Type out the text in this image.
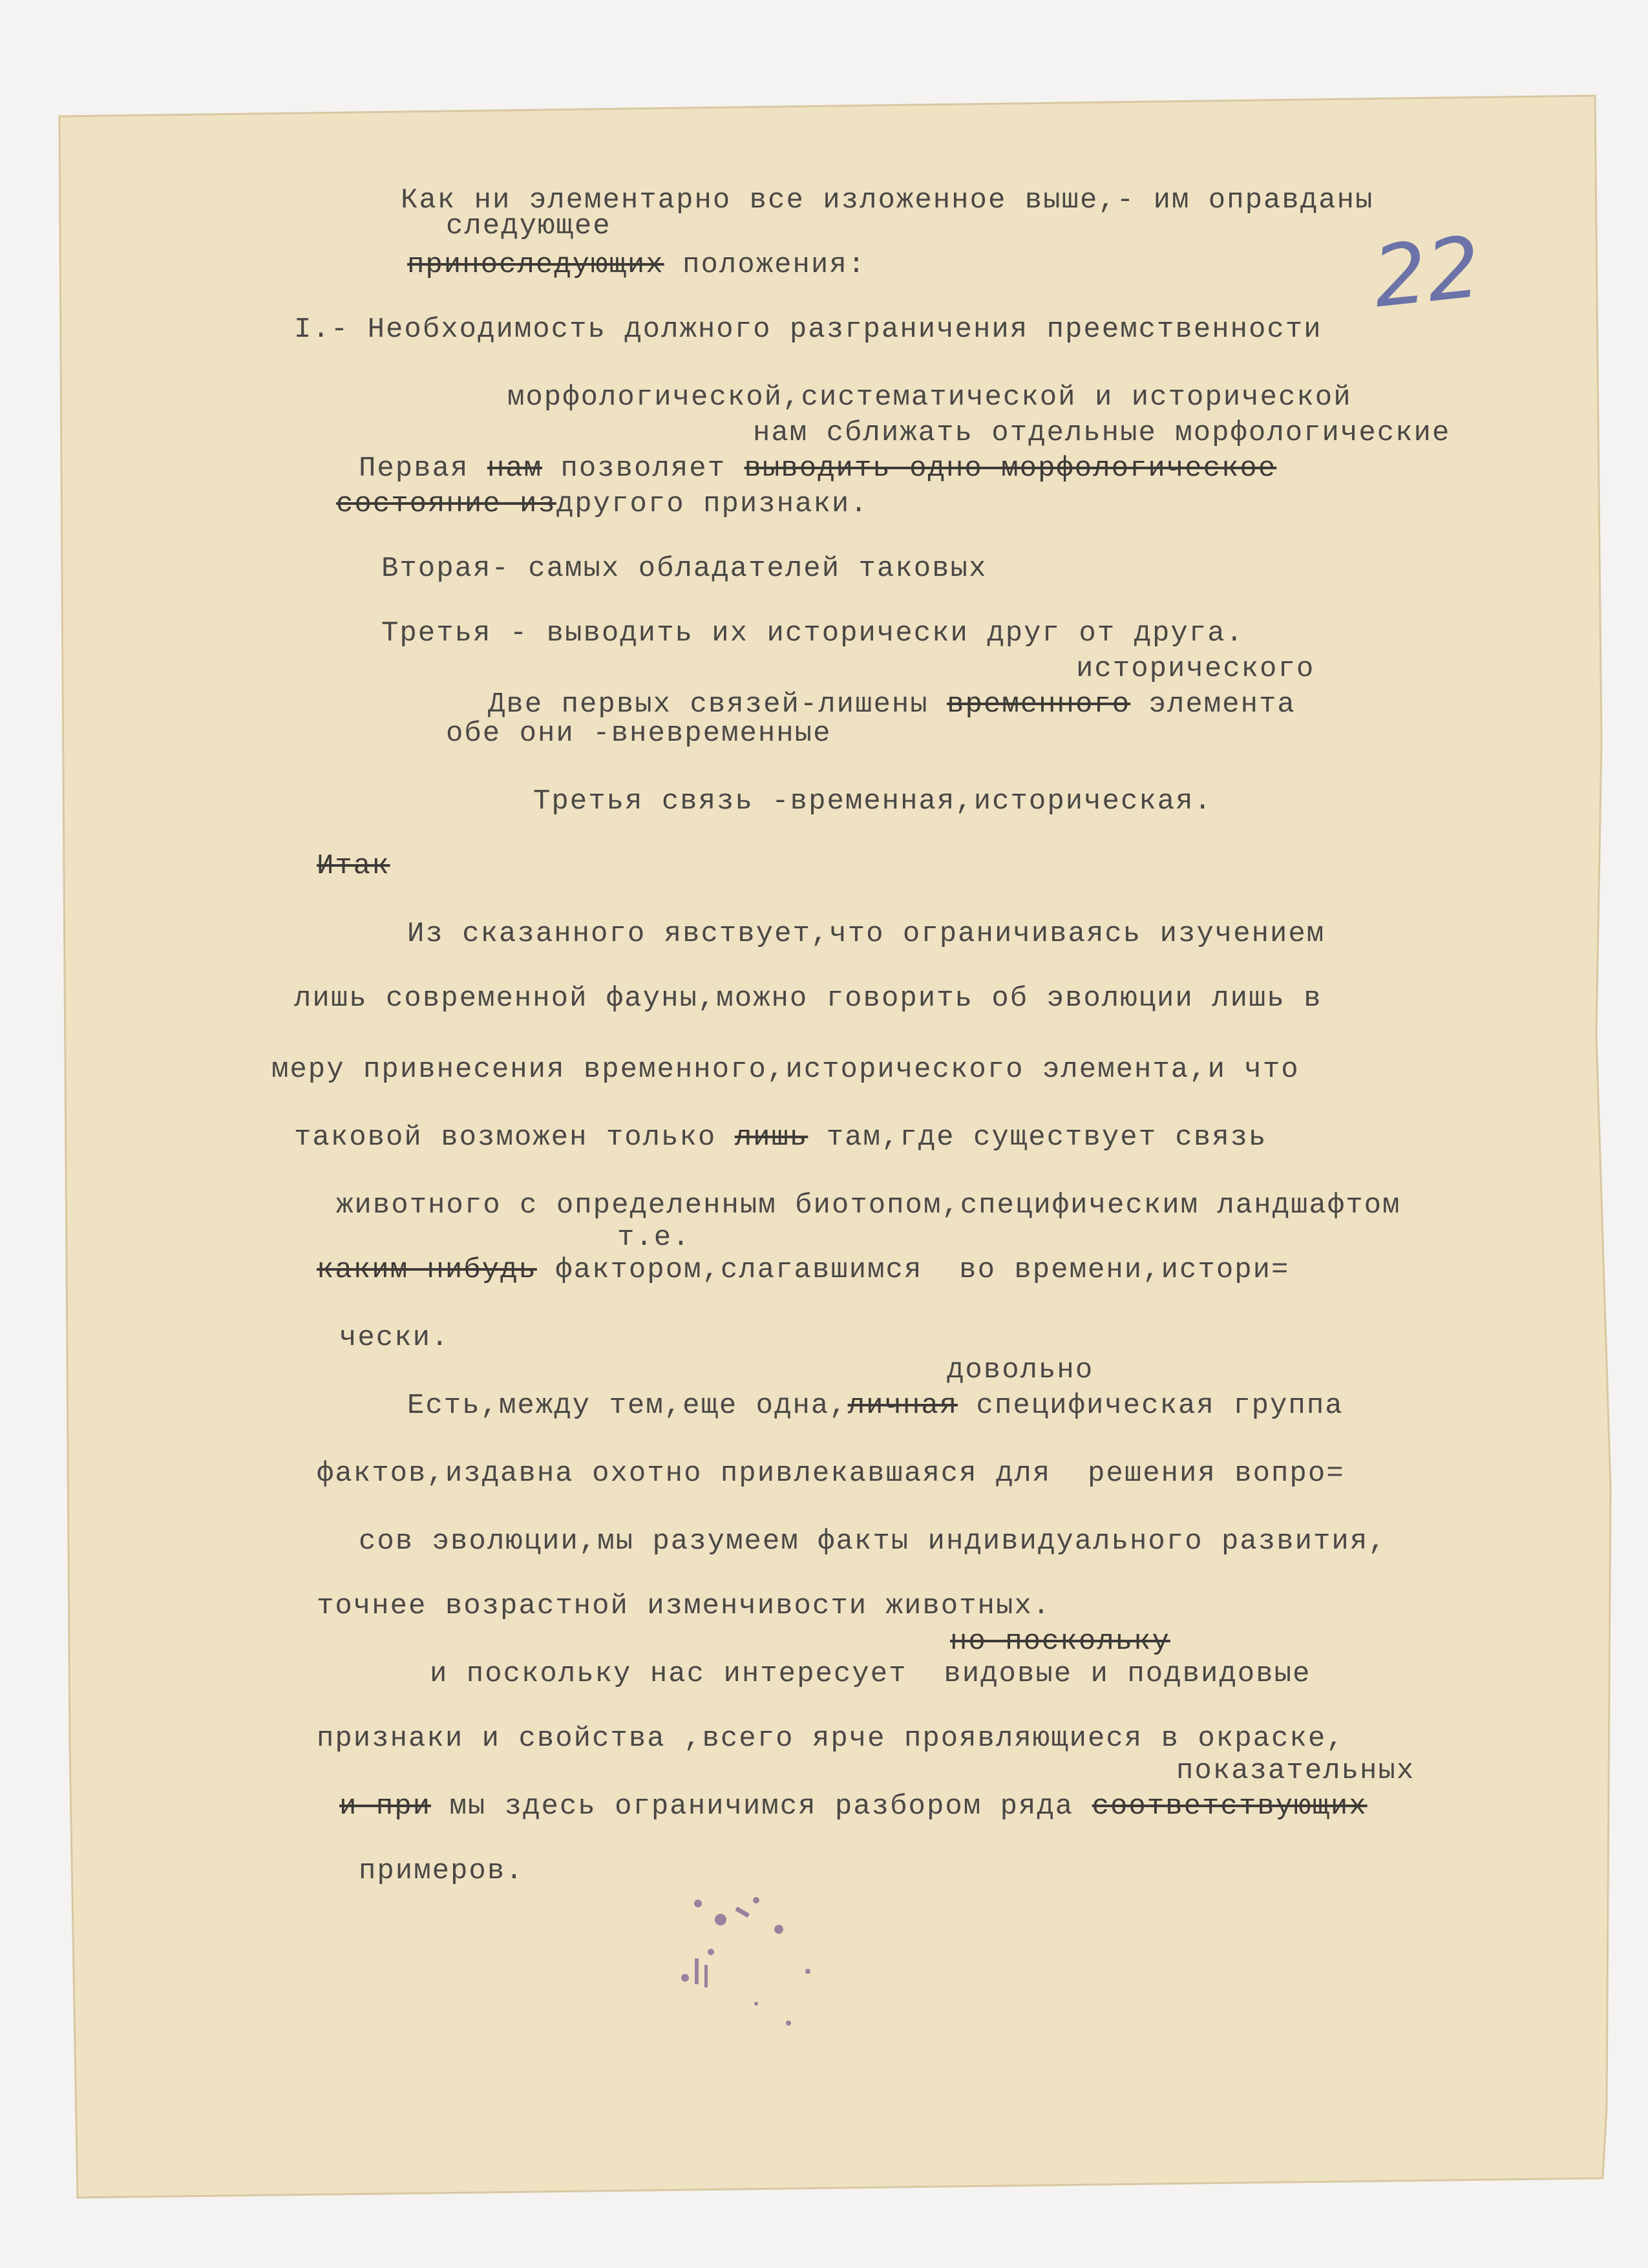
22
Как ни элементарно все изложенное выше,- им оправданы
следующее
приноследующих положения:
I.- Необходимость должного разграничения преемственности
морфологической,систематической и исторической
нам сближать отдельные морфологические
Первая нам позволяет выводить одно морфологическое
состояние издругого признаки.
Вторая- самых обладателей таковых
Третья - выводить их исторически друг от друга.
исторического
Две первых связей-лишены временного элемента
обе они -вневременные
Третья связь -временная,историческая.
Итак
Из сказанного явствует,что ограничиваясь изучением
лишь современной фауны,можно говорить об эволюции лишь в
меру привнесения временного,исторического элемента,и что
таковой возможен только лишь там,где существует связь
животного с определенным биотопом,специфическим ландшафтом
т.е.
каким-нибудь фактором,слагавшимся  во времени,истори=
чески.
довольно
Есть,между тем,еще одна,личная специфическая группа
фактов,издавна охотно привлекавшаяся для  решения вопро=
сов эволюции,мы разумеем факты индивидуального развития,
точнее возрастной изменчивости животных.
но поскольку
и поскольку нас интересует  видовые и подвидовые
признаки и свойства ,всего ярче проявляющиеся в окраске,
показательных
и при мы здесь ограничимся разбором ряда соответствующих
примеров.
